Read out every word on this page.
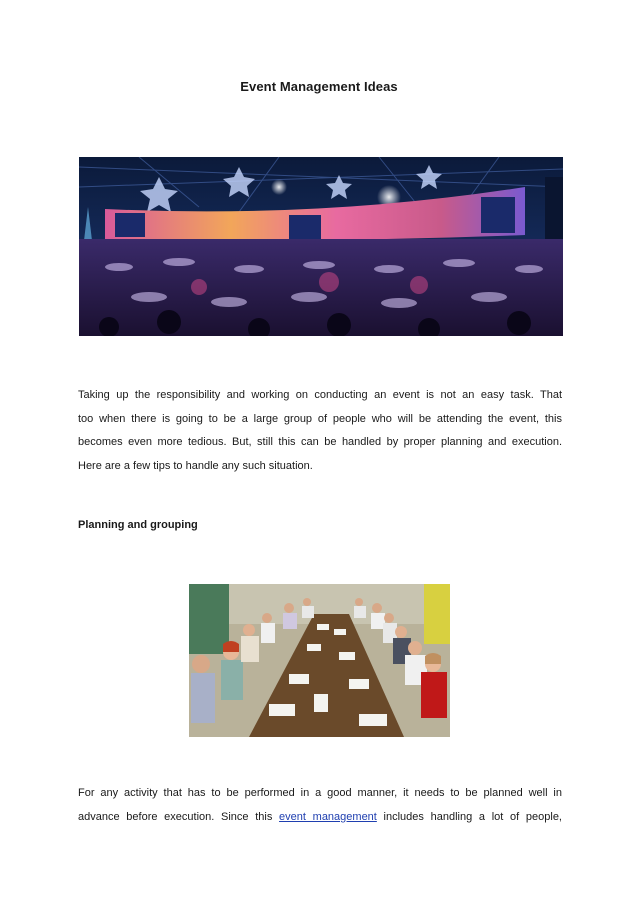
Event Management Ideas
Taking up the responsibility and working on conducting an event is not an easy task. That
too when there is going to be a large group of people who will be attending the event, this
becomes even more tedious. But, still this can be handled by proper planning and execution.
Here are a few tips to handle any such situation.
Planning and grouping
For any activity that has to be performed in a good manner, it needs to be planned well in
advance before execution. Since this event management includes handling a lot of people,
